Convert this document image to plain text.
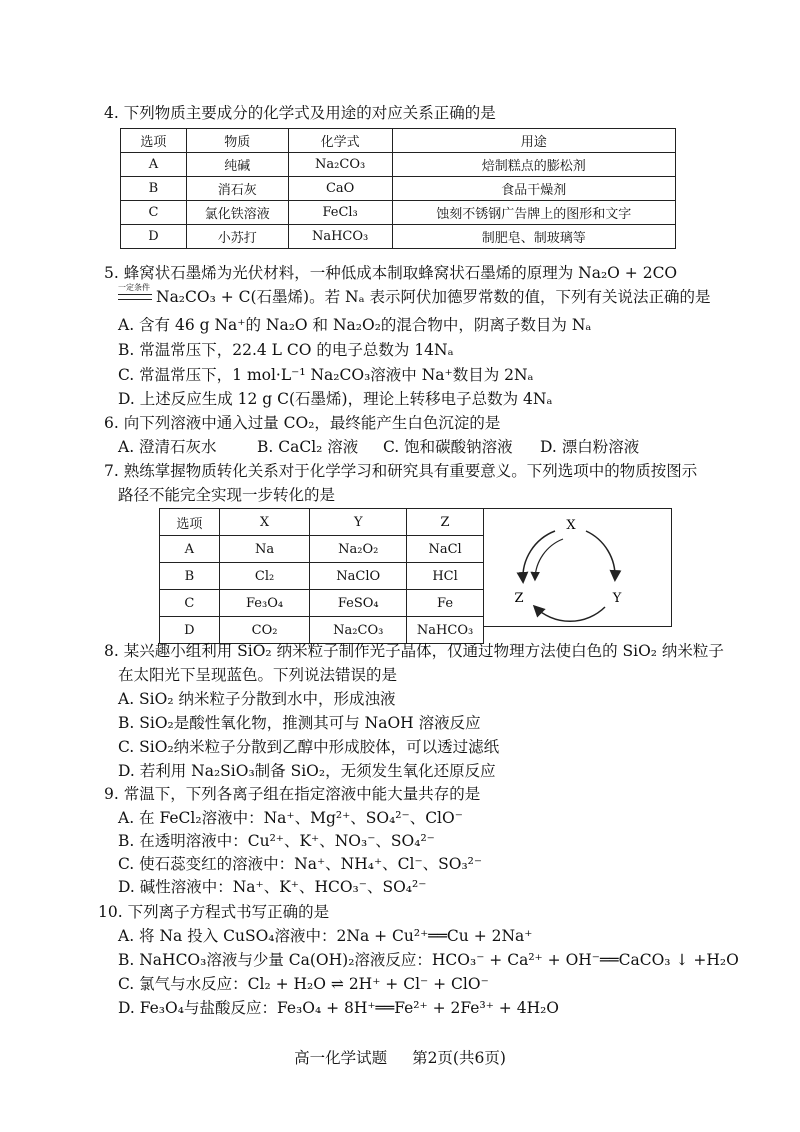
4. 下列物质主要成分的化学式及用途的对应关系正确的是
选项	物质	化学式	用途
A	纯碱	Na₂CO₃	焙制糕点的膨松剂
B	消石灰	CaO	食品干燥剂
C	氯化铁溶液	FeCl₃	蚀刻不锈钢广告牌上的图形和文字
D	小苏打	NaHCO₃	制肥皂、制玻璃等
5. 蜂窝状石墨烯为光伏材料，一种低成本制取蜂窝状石墨烯的原理为 Na₂O + 2CO
一定条件
Na₂CO₃ + C(石墨烯)。若 Nₐ 表示阿伏加德罗常数的值，下列有关说法正确的是
A. 含有 46 g Na⁺的 Na₂O 和 Na₂O₂的混合物中，阴离子数目为 Nₐ
B. 常温常压下，22.4 L CO 的电子总数为 14Nₐ
C. 常温常压下，1 mol·L⁻¹ Na₂CO₃溶液中 Na⁺数目为 2Nₐ
D. 上述反应生成 12 g C(石墨烯)，理论上转移电子总数为 4Nₐ
6. 向下列溶液中通入过量 CO₂，最终能产生白色沉淀的是
A. 澄清石灰水	B. CaCl₂ 溶液 C. 饱和碳酸钠溶液 D. 漂白粉溶液
7. 熟练掌握物质转化关系对于化学学习和研究具有重要意义。下列选项中的物质按图示
路径不能完全实现一步转化的是
选项	X	Y	Z
A	Na	Na₂O₂	NaCl
B	Cl₂	NaClO	HCl
C	Fe₃O₄	FeSO₄	Fe
D	CO₂	Na₂CO₃	NaHCO₃
X
Z	Y
8. 某兴趣小组利用 SiO₂ 纳米粒子制作光子晶体，仅通过物理方法使白色的 SiO₂ 纳米粒子
在太阳光下呈现蓝色。下列说法错误的是
A. SiO₂ 纳米粒子分散到水中，形成浊液
B. SiO₂是酸性氧化物，推测其可与 NaOH 溶液反应
C. SiO₂纳米粒子分散到乙醇中形成胶体，可以透过滤纸
D. 若利用 Na₂SiO₃制备 SiO₂，无须发生氧化还原反应
9. 常温下，下列各离子组在指定溶液中能大量共存的是
A. 在 FeCl₂溶液中：Na⁺、Mg²⁺、SO₄²⁻、ClO⁻
B. 在透明溶液中：Cu²⁺、K⁺、NO₃⁻、SO₄²⁻
C. 使石蕊变红的溶液中：Na⁺、NH₄⁺、Cl⁻、SO₃²⁻
D. 碱性溶液中：Na⁺、K⁺、HCO₃⁻、SO₄²⁻
10. 下列离子方程式书写正确的是
A. 将 Na 投入 CuSO₄溶液中：2Na + Cu²⁺══Cu + 2Na⁺
B. NaHCO₃溶液与少量 Ca(OH)₂溶液反应：HCO₃⁻ + Ca²⁺ + OH⁻══CaCO₃ ↓ +H₂O
C. 氯气与水反应：Cl₂ + H₂O ⇌ 2H⁺ + Cl⁻ + ClO⁻
D. Fe₃O₄与盐酸反应：Fe₃O₄ + 8H⁺══Fe²⁺ + 2Fe³⁺ + 4H₂O
高一化学试题 第2页(共6页)
